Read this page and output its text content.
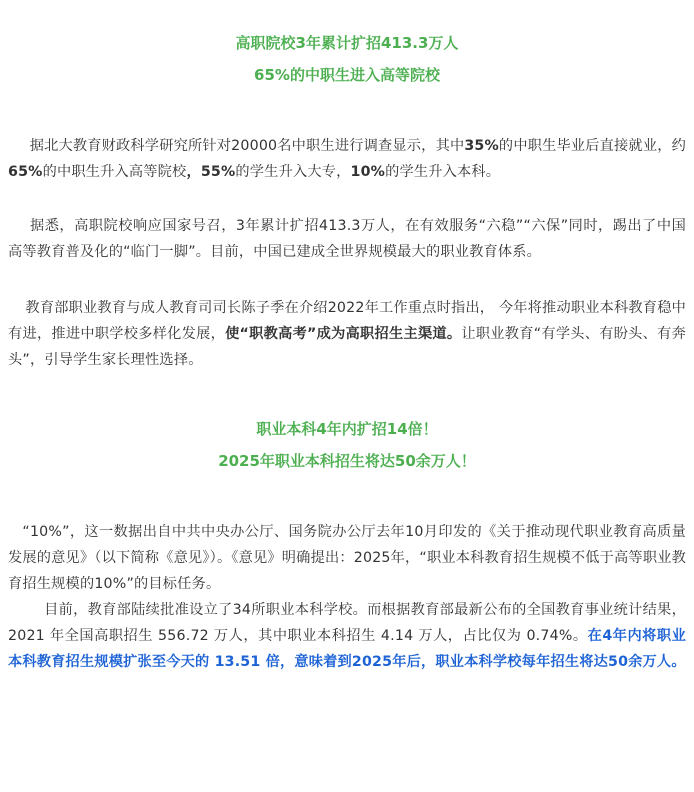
高职院校3年累计扩招413.3万人
65%的中职生进入高等院校

  据北大教育财政科学研究所针对20000名中职生进行调查显示，其中35%的中职生毕业后直接就业，约65%的中职生升入高等院校，55%的学生升入大专，10%的学生升入本科。

  据悉，高职院校响应国家号召，3年累计扩招413.3万人，在有效服务“六稳”“六保”同时，踢出了中国高等教育普及化的“临门一脚”。目前，中国已建成全世界规模最大的职业教育体系。

  教育部职业教育与成人教育司司长陈子季在介绍2022年工作重点时指出， 今年将推动职业本科教育稳中有进，推进中职学校多样化发展，使“职教高考”成为高职招生主渠道。让职业教育“有学头、有盼头、有奔头”，引导学生家长理性选择。

职业本科4年内扩招14倍！
2025年职业本科招生将达50余万人！

 “10%”，这一数据出自中共中央办公厅、国务院办公厅去年10月印发的《关于推动现代职业教育高质量发展的意见》（以下简称《意见》）。《意见》明确提出：2025年，“职业本科教育招生规模不低于高等职业教育招生规模的10%”的目标任务。

   目前，教育部陆续批准设立了34所职业本科学校。而根据教育部最新公布的全国教育事业统计结果，2021 年全国高职招生 556.72 万人，其中职业本科招生 4.14 万人，占比仅为 0.74%。在4年内将职业本科教育招生规模扩张至今天的 13.51 倍，意味着到2025年后，职业本科学校每年招生将达50余万人。
